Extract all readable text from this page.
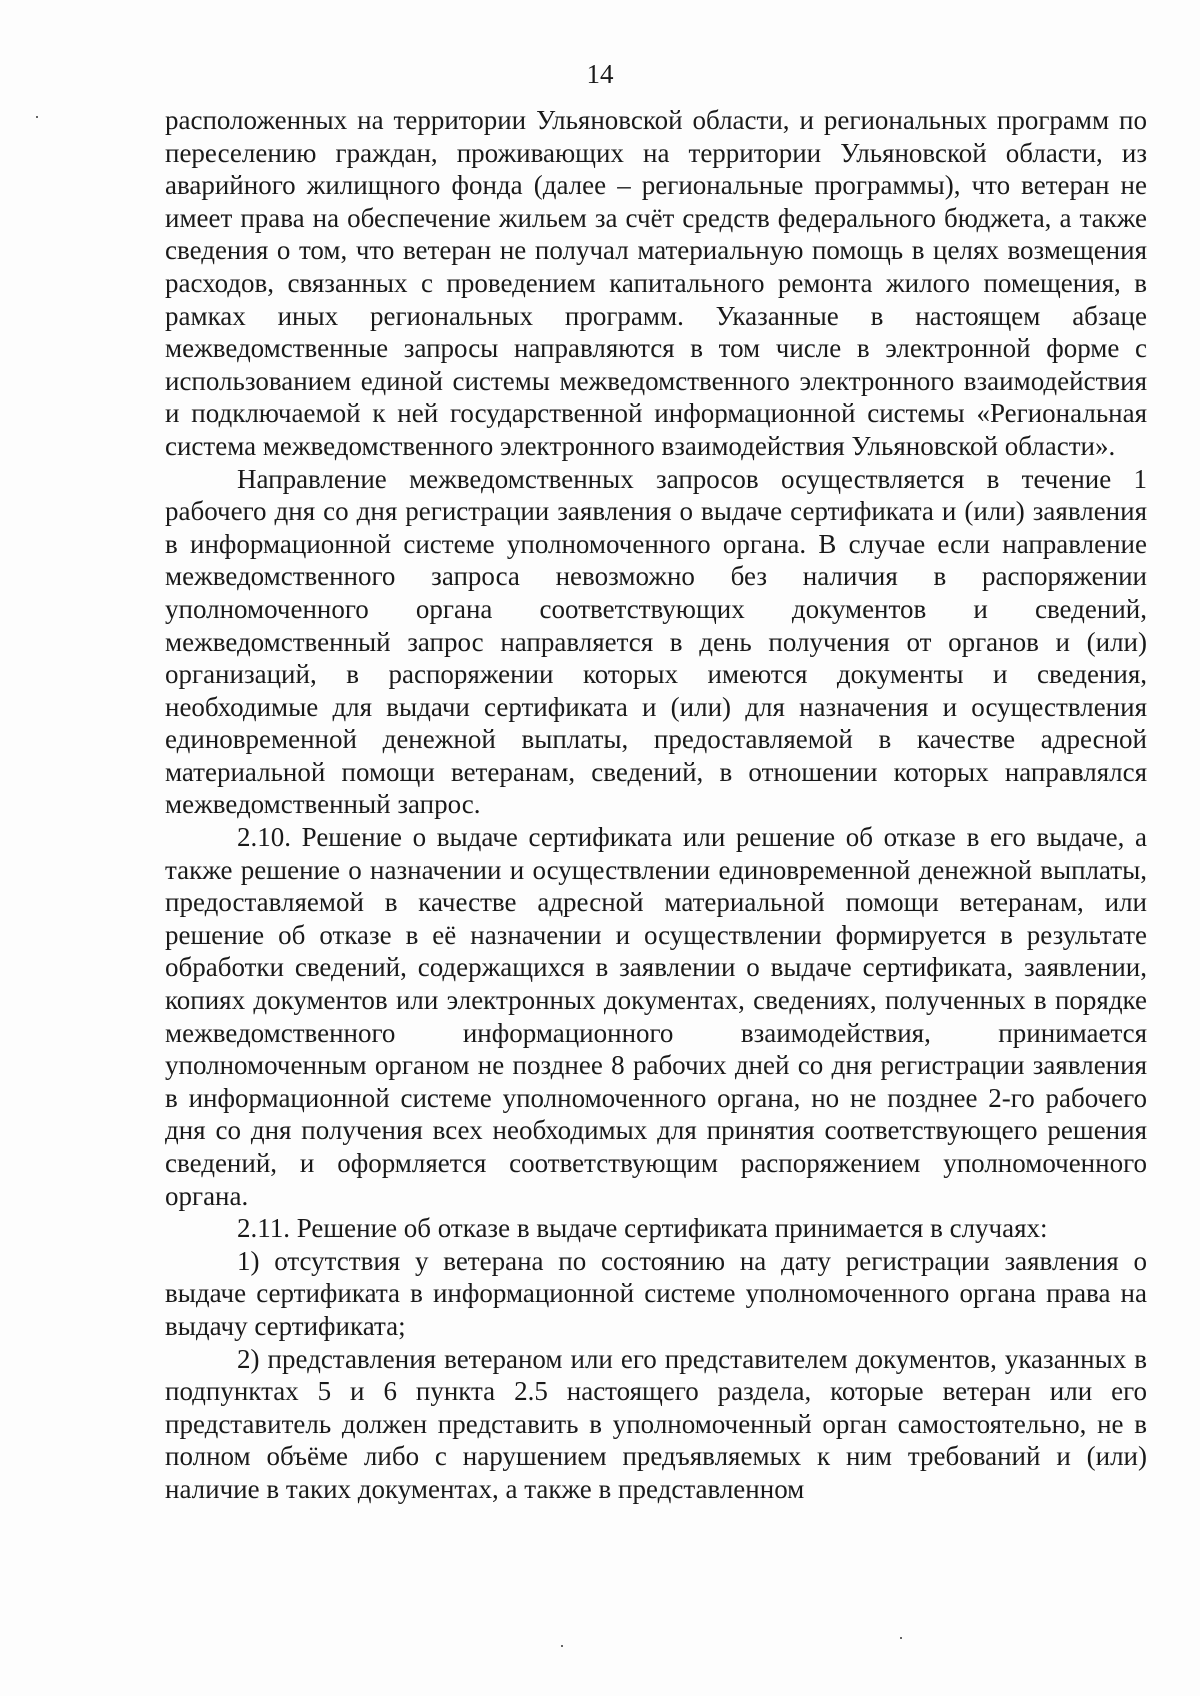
14

расположенных на территории Ульяновской области, и региональных программ по переселению граждан, проживающих на территории Ульяновской области, из аварийного жилищного фонда (далее – региональные программы), что ветеран не имеет права на обеспечение жильем за счёт средств федерального бюджета, а также сведения о том, что ветеран не получал материальную помощь в целях возмещения расходов, связанных с проведением капитального ремонта жилого помещения, в рамках иных региональных программ. Указанные в настоящем абзаце межведомственные запросы направляются в том числе в электронной форме с использованием единой системы межведомственного электронного взаимодействия и подключаемой к ней государственной информационной системы «Региональная система межведомственного электронного взаимодействия Ульяновской области».

Направление межведомственных запросов осуществляется в течение 1 рабочего дня со дня регистрации заявления о выдаче сертификата и (или) заявления в информационной системе уполномоченного органа. В случае если направление межведомственного запроса невозможно без наличия в распоряжении уполномоченного органа соответствующих документов и сведений, межведомственный запрос направляется в день получения от органов и (или) организаций, в распоряжении которых имеются документы и сведения, необходимые для выдачи сертификата и (или) для назначения и осуществления единовременной денежной выплаты, предоставляемой в качестве адресной материальной помощи ветеранам, сведений, в отношении которых направлялся межведомственный запрос.

2.10. Решение о выдаче сертификата или решение об отказе в его выдаче, а также решение о назначении и осуществлении единовременной денежной выплаты, предоставляемой в качестве адресной материальной помощи ветеранам, или решение об отказе в её назначении и осуществлении формируется в результате обработки сведений, содержащихся в заявлении о выдаче сертификата, заявлении, копиях документов или электронных документах, сведениях, полученных в порядке межведомственного информационного взаимодействия, принимается уполномоченным органом не позднее 8 рабочих дней со дня регистрации заявления в информационной системе уполномоченного органа, но не позднее 2-го рабочего дня со дня получения всех необходимых для принятия соответствующего решения сведений, и оформляется соответствующим распоряжением уполномоченного органа.

2.11. Решение об отказе в выдаче сертификата принимается в случаях:

1) отсутствия у ветерана по состоянию на дату регистрации заявления о выдаче сертификата в информационной системе уполномоченного органа права на выдачу сертификата;

2) представления ветераном или его представителем документов, указанных в подпунктах 5 и 6 пункта 2.5 настоящего раздела, которые ветеран или его представитель должен представить в уполномоченный орган самостоятельно, не в полном объёме либо с нарушением предъявляемых к ним требований и (или) наличие в таких документах, а также в представленном
